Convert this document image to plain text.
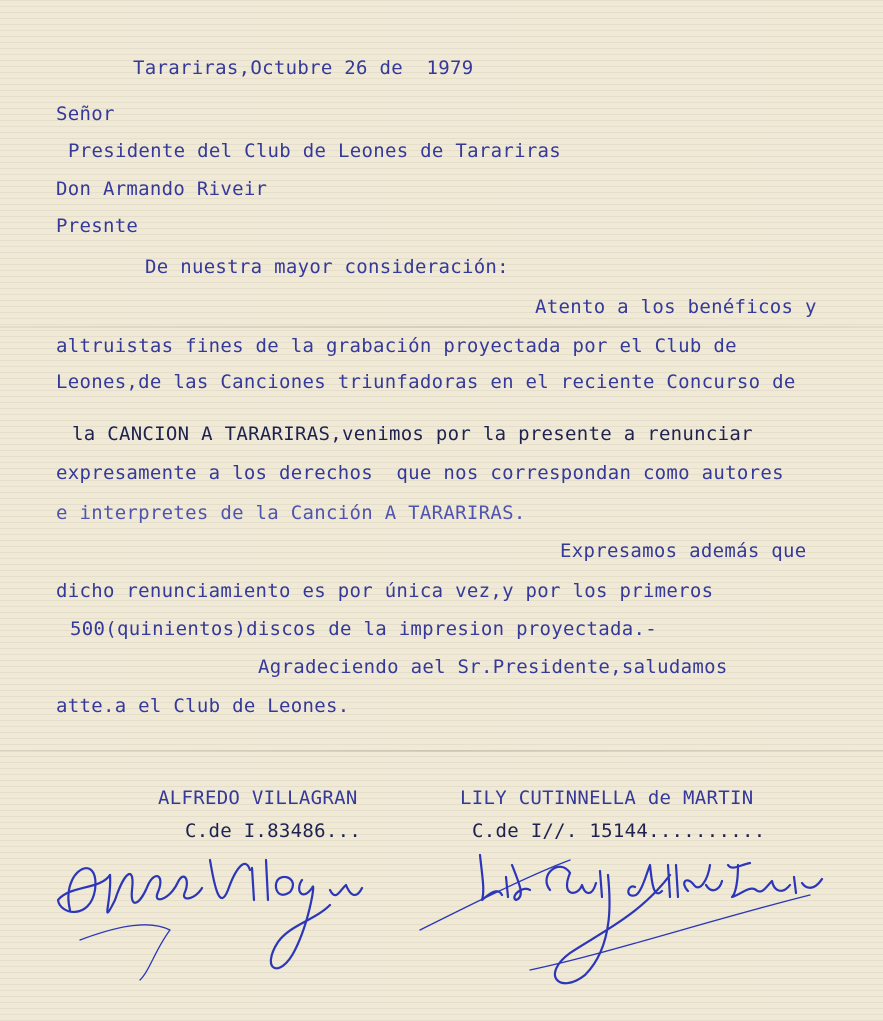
Tarariras,Octubre 26 de  1979
Señor
Presidente del Club de Leones de Tarariras
Don Armando Riveir
Presnte
De nuestra mayor consideración:
Atento a los benéficos y
altruistas fines de la grabación proyectada por el Club de
Leones,de las Canciones triunfadoras en el reciente Concurso de
la CANCION A TARARIRAS,venimos por la presente a renunciar
expresamente a los derechos  que nos correspondan como autores
e interpretes de la Canción A TARARIRAS.
Expresamos además que
dicho renunciamiento es por única vez,y por los primeros
500(quinientos)discos de la impresion proyectada.-
Agradeciendo ael Sr.Presidente,saludamos
atte.a el Club de Leones.
ALFREDO VILLAGRAN
C.de I.83486...
LILY CUTINNELLA de MARTIN
C.de I//. 15144..........
